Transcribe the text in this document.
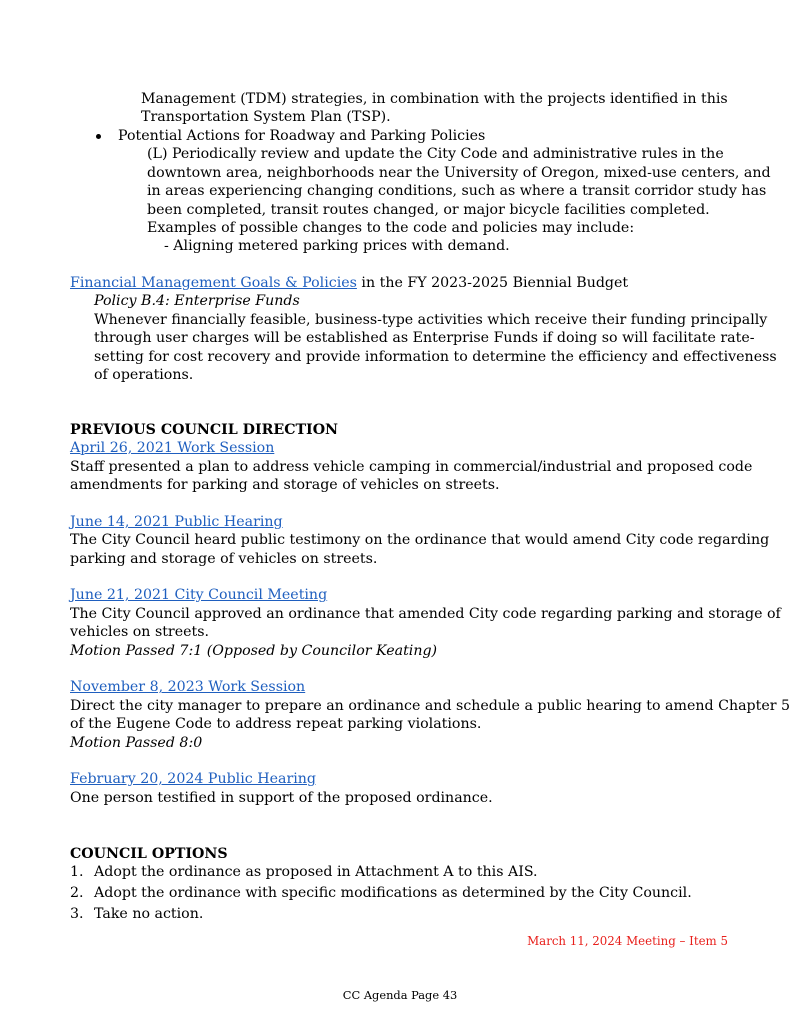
Management (TDM) strategies, in combination with the projects identified in this
Transportation System Plan (TSP).
Potential Actions for Roadway and Parking Policies
(L) Periodically review and update the City Code and administrative rules in the
downtown area, neighborhoods near the University of Oregon, mixed-use centers, and
in areas experiencing changing conditions, such as where a transit corridor study has
been completed, transit routes changed, or major bicycle facilities completed.
Examples of possible changes to the code and policies may include:
- Aligning metered parking prices with demand.
Financial Management Goals & Policies in the FY 2023-2025 Biennial Budget
Policy B.4: Enterprise Funds
Whenever financially feasible, business-type activities which receive their funding principally
through user charges will be established as Enterprise Funds if doing so will facilitate rate-
setting for cost recovery and provide information to determine the efficiency and effectiveness
of operations.
PREVIOUS COUNCIL DIRECTION
April 26, 2021 Work Session
Staff presented a plan to address vehicle camping in commercial/industrial and proposed code
amendments for parking and storage of vehicles on streets.
June 14, 2021 Public Hearing
The City Council heard public testimony on the ordinance that would amend City code regarding
parking and storage of vehicles on streets.
June 21, 2021 City Council Meeting
The City Council approved an ordinance that amended City code regarding parking and storage of
vehicles on streets.
Motion Passed 7:1 (Opposed by Councilor Keating)
November 8, 2023 Work Session
Direct the city manager to prepare an ordinance and schedule a public hearing to amend Chapter 5
of the Eugene Code to address repeat parking violations.
Motion Passed 8:0
February 20, 2024 Public Hearing
One person testified in support of the proposed ordinance.
COUNCIL OPTIONS
1. Adopt the ordinance as proposed in Attachment A to this AIS.
2. Adopt the ordinance with specific modifications as determined by the City Council.
3. Take no action.
March 11, 2024 Meeting – Item 5
CC Agenda Page 43
